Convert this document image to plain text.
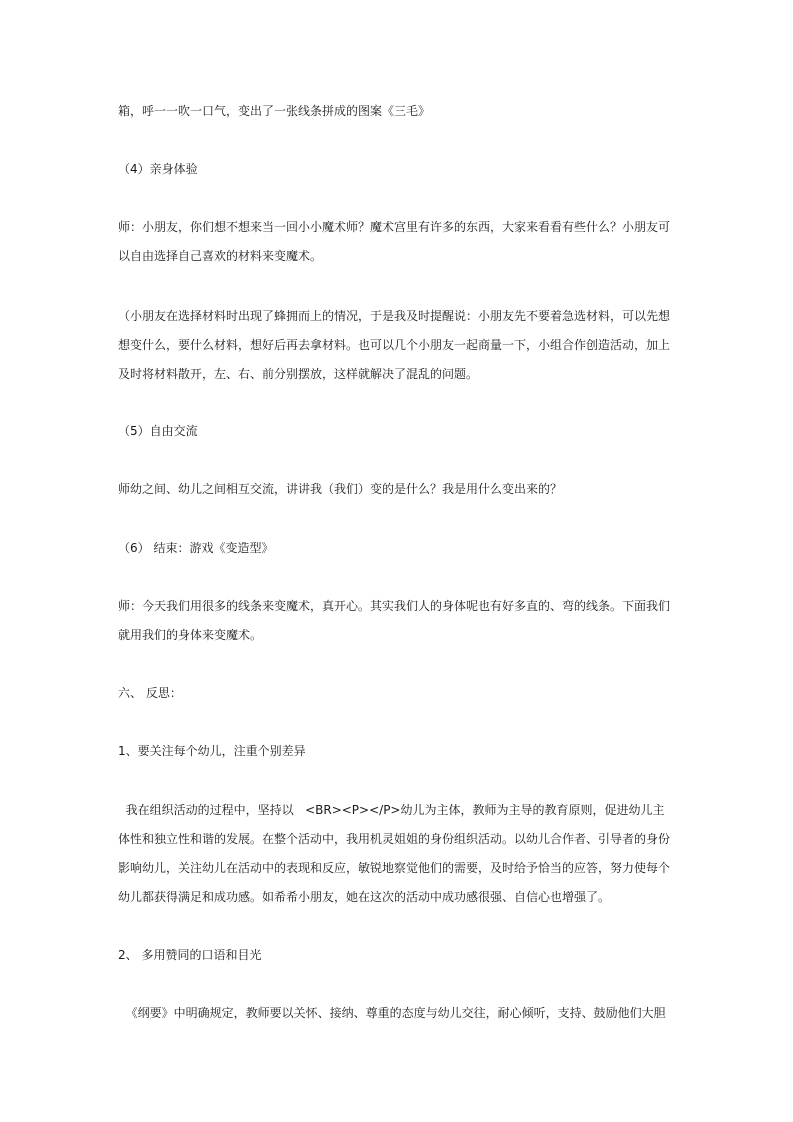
箱，呼一一吹一口气，变出了一张线条拼成的图案《三毛》

（4）亲身体验

师：小朋友，你们想不想来当一回小小魔术师？魔术宫里有许多的东西，大家来看看有些什么？小朋友可
以自由选择自己喜欢的材料来变魔术。

（小朋友在选择材料时出现了蜂拥而上的情况，于是我及时提醒说：小朋友先不要着急选材料，可以先想
想变什么，要什么材料，想好后再去拿材料。也可以几个小朋友一起商量一下，小组合作创造活动，加上
及时将材料散开，左、右、前分别摆放，这样就解决了混乱的问题。

（5）自由交流

师幼之间、幼儿之间相互交流，讲讲我（我们）变的是什么？我是用什么变出来的？

（6） 结束：游戏《变造型》

师：今天我们用很多的线条来变魔术，真开心。其实我们人的身体呢也有好多直的、弯的线条。下面我们
就用我们的身体来变魔术。

六、 反思：

1、要关注每个幼儿，注重个别差异

我在组织活动的过程中，坚持以   <BR><P></P>幼儿为主体，教师为主导的教育原则，促进幼儿主
体性和独立性和谐的发展。在整个活动中，我用机灵姐姐的身份组织活动。以幼儿合作者、引导者的身份
影响幼儿，关注幼儿在活动中的表现和反应，敏锐地察觉他们的需要，及时给予恰当的应答，努力使每个
幼儿都获得满足和成功感。如希希小朋友，她在这次的活动中成功感很强、自信心也增强了。

2、 多用赞同的口语和目光

《纲要》中明确规定，教师要以关怀、接纳、尊重的态度与幼儿交往，耐心倾听，支持、鼓励他们大胆
